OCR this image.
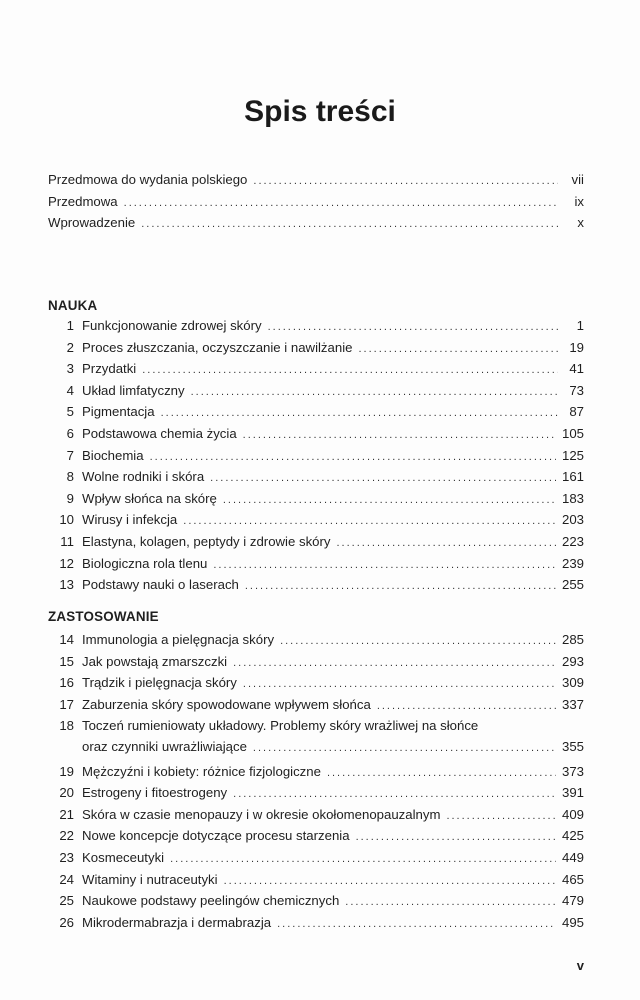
Spis treści
Przedmowa do wydania polskiego .....	vii
Przedmowa .....	ix
Wprowadzenie .....	x
NAUKA
1 Funkcjonowanie zdrowej skóry .....	1
2 Proces złuszczania, oczyszczanie i nawilżanie .....	19
3 Przydatki .....	41
4 Układ limfatyczny .....	73
5 Pigmentacja .....	87
6 Podstawowa chemia życia .....	105
7 Biochemia .....	125
8 Wolne rodniki i skóra .....	161
9 Wpływ słońca na skórę .....	183
10 Wirusy i infekcja .....	203
11 Elastyna, kolagen, peptydy i zdrowie skóry .....	223
12 Biologiczna rola tlenu .....	239
13 Podstawy nauki o laserach .....	255
ZASTOSOWANIE
14 Immunologia a pielęgnacja skóry .....	285
15 Jak powstają zmarszczki .....	293
16 Trądzik i pielęgnacja skóry .....	309
17 Zaburzenia skóry spowodowane wpływem słońca .....	337
18 Toczeń rumieniowaty układowy. Problemy skóry wrażliwej na słońce
oraz czynniki uwrażliwiające .....	355
19 Mężczyźni i kobiety: różnice fizjologiczne .....	373
20 Estrogeny i fitoestrogeny .....	391
21 Skóra w czasie menopauzy i w okresie okołomenopauzalnym .....	409
22 Nowe koncepcje dotyczące procesu starzenia .....	425
23 Kosmeceutyki .....	449
24 Witaminy i nutraceutyki .....	465
25 Naukowe podstawy peelingów chemicznych .....	479
26 Mikrodermabrazja i dermabrazja .....	495
v
